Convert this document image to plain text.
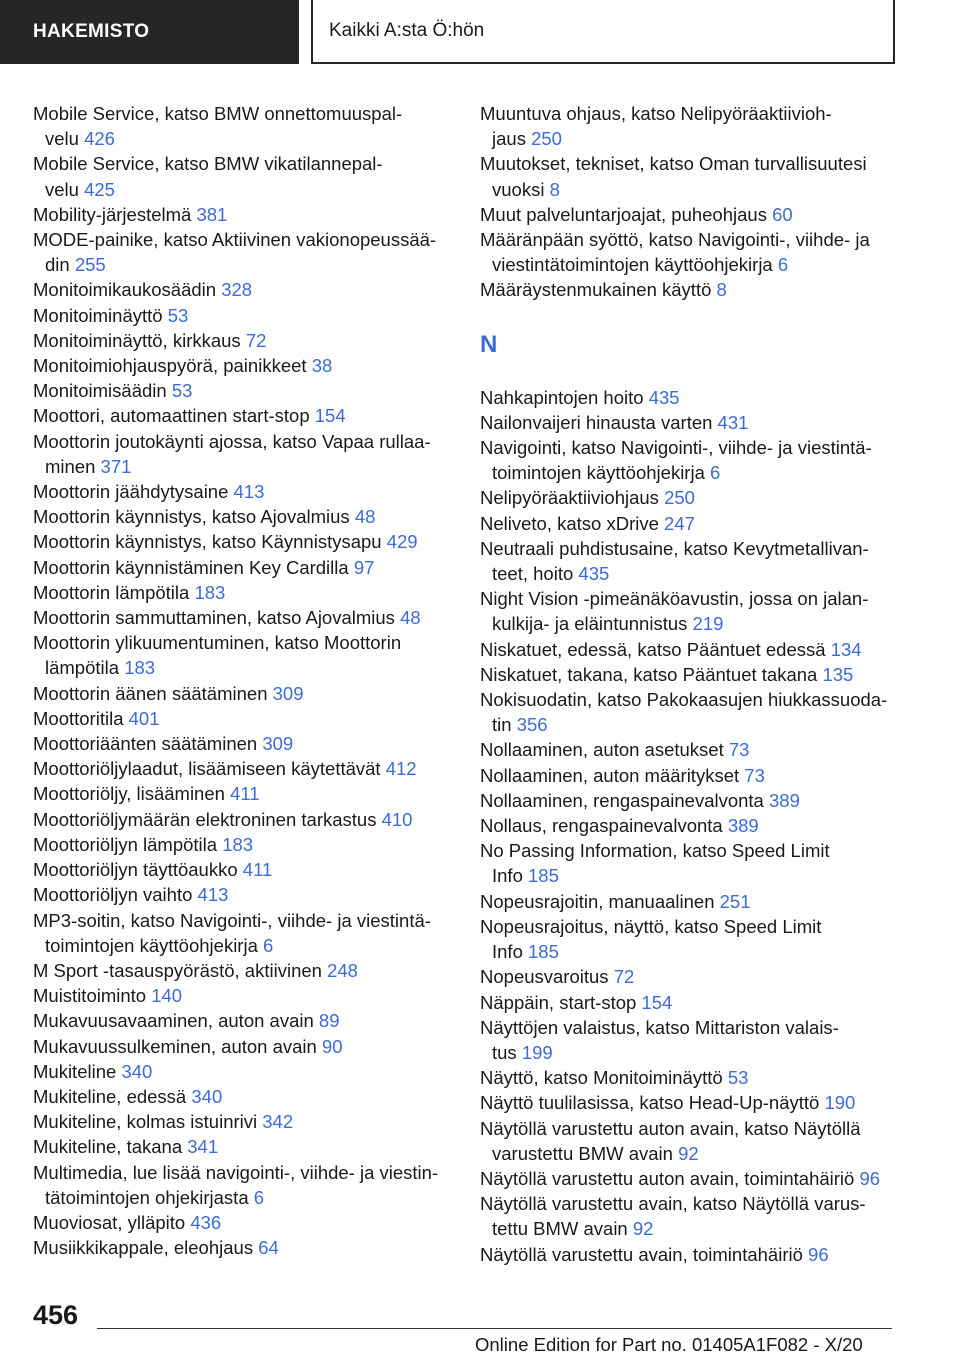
HAKEMISTO	Kaikki A:sta Ö:hön
Mobile Service, katso BMW onnettomuuspal-
velu 426
Mobile Service, katso BMW vikatilannepal-
velu 425
Mobility-järjestelmä 381
MODE-painike, katso Aktiivinen vakionopeussää-
din 255
Monitoimikaukosäädin 328
Monitoiminäyttö 53
Monitoiminäyttö, kirkkaus 72
Monitoimiohjauspyörä, painikkeet 38
Monitoimisäädin 53
Moottori, automaattinen start-stop 154
Moottorin joutokäynti ajossa, katso Vapaa rullaa-
minen 371
Moottorin jäähdytysaine 413
Moottorin käynnistys, katso Ajovalmius 48
Moottorin käynnistys, katso Käynnistysapu 429
Moottorin käynnistäminen Key Cardilla 97
Moottorin lämpötila 183
Moottorin sammuttaminen, katso Ajovalmius 48
Moottorin ylikuumentuminen, katso Moottorin
lämpötila 183
Moottorin äänen säätäminen 309
Moottoritila 401
Moottoriäänten säätäminen 309
Moottoriöljylaadut, lisäämiseen käytettävät 412
Moottoriöljy, lisääminen 411
Moottoriöljymäärän elektroninen tarkastus 410
Moottoriöljyn lämpötila 183
Moottoriöljyn täyttöaukko 411
Moottoriöljyn vaihto 413
MP3-soitin, katso Navigointi-, viihde- ja viestintä-
toimintojen käyttöohjekirja 6
M Sport -tasauspyörästö, aktiivinen 248
Muistitoiminto 140
Mukavuusavaaminen, auton avain 89
Mukavuussulkeminen, auton avain 90
Mukiteline 340
Mukiteline, edessä 340
Mukiteline, kolmas istuinrivi 342
Mukiteline, takana 341
Multimedia, lue lisää navigointi-, viihde- ja viestin-
tätoimintojen ohjekirjasta 6
Muoviosat, ylläpito 436
Musiikkikappale, eleohjaus 64
Muuntuva ohjaus, katso Nelipyöräaktiivioh-
jaus 250
Muutokset, tekniset, katso Oman turvallisuutesi
vuoksi 8
Muut palveluntarjoajat, puheohjaus 60
Määränpään syöttö, katso Navigointi-, viihde- ja
viestintätoimintojen käyttöohjekirja 6
Määräystenmukainen käyttö 8
N
Nahkapintojen hoito 435
Nailonvaijeri hinausta varten 431
Navigointi, katso Navigointi-, viihde- ja viestintä-
toimintojen käyttöohjekirja 6
Nelipyöräaktiiviohjaus 250
Neliveto, katso xDrive 247
Neutraali puhdistusaine, katso Kevytmetallivan-
teet, hoito 435
Night Vision -pimeänäköavustin, jossa on jalan-
kulkija- ja eläintunnistus 219
Niskatuet, edessä, katso Pääntuet edessä 134
Niskatuet, takana, katso Pääntuet takana 135
Nokisuodatin, katso Pakokaasujen hiukkassuoda-
tin 356
Nollaaminen, auton asetukset 73
Nollaaminen, auton määritykset 73
Nollaaminen, rengaspainevalvonta 389
Nollaus, rengaspainevalvonta 389
No Passing Information, katso Speed Limit
Info 185
Nopeusrajoitin, manuaalinen 251
Nopeusrajoitus, näyttö, katso Speed Limit
Info 185
Nopeusvaroitus 72
Näppäin, start-stop 154
Näyttöjen valaistus, katso Mittariston valais-
tus 199
Näyttö, katso Monitoiminäyttö 53
Näyttö tuulilasissa, katso Head-Up-näyttö 190
Näytöllä varustettu auton avain, katso Näytöllä
varustettu BMW avain 92
Näytöllä varustettu auton avain, toimintahäiriö 96
Näytöllä varustettu avain, katso Näytöllä varus-
tettu BMW avain 92
Näytöllä varustettu avain, toimintahäiriö 96
456
Online Edition for Part no. 01405A1F082 - X/20
